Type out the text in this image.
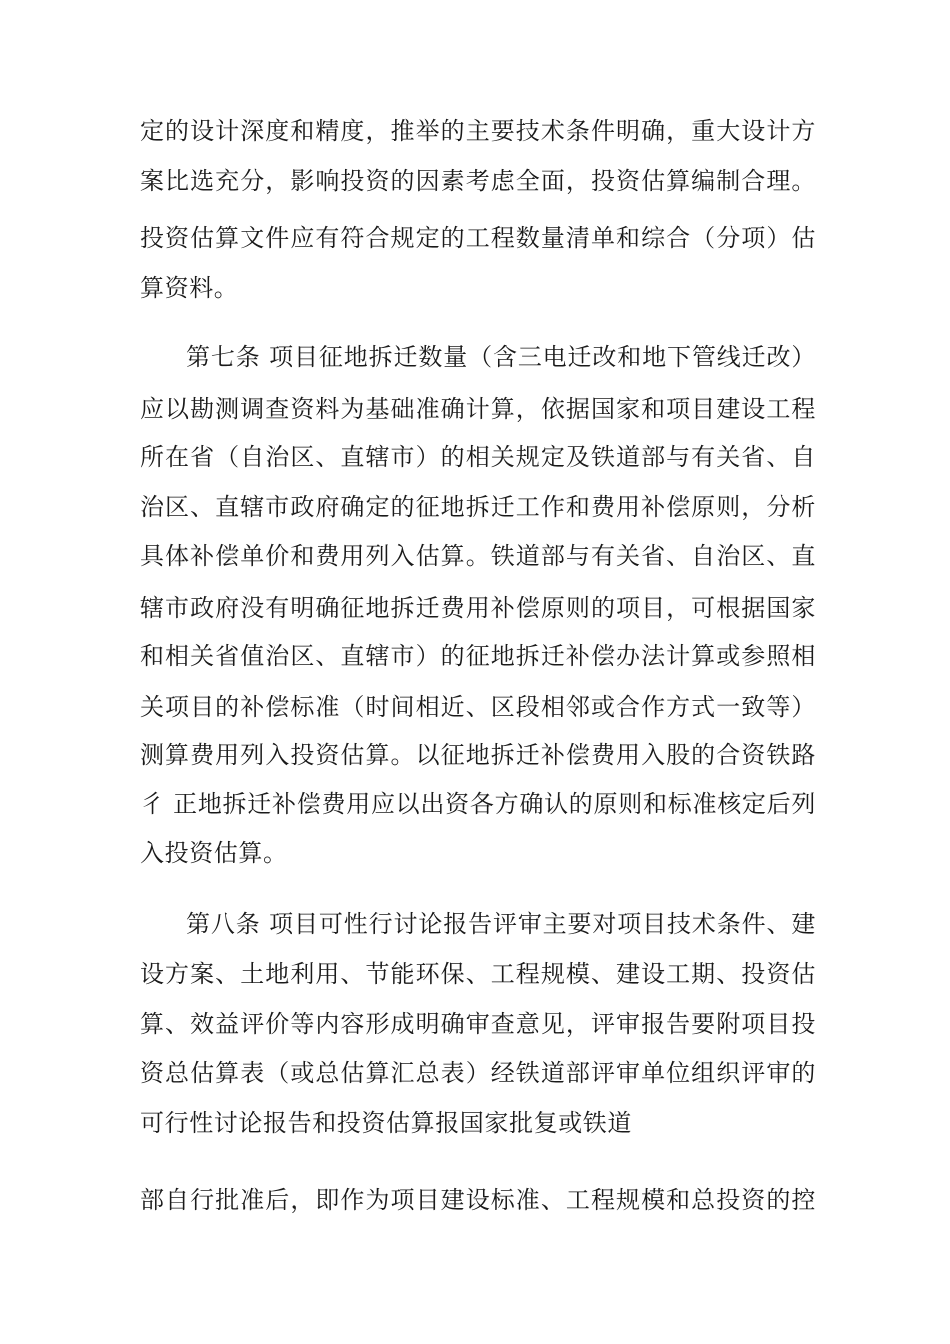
定的设计深度和精度，推举的主要技术条件明确，重大设计方
案比选充分，影响投资的因素考虑全面，投资估算编制合理。
投资估算文件应有符合规定的工程数量清单和综合（分项）估
算资料。
第七条 项目征地拆迁数量（含三电迁改和地下管线迁改）
应以勘测调查资料为基础准确计算，依据国家和项目建设工程
所在省（自治区、直辖市）的相关规定及铁道部与有关省、自
治区、直辖市政府确定的征地拆迁工作和费用补偿原则，分析
具体补偿单价和费用列入估算。铁道部与有关省、自治区、直
辖市政府没有明确征地拆迁费用补偿原则的项目，可根据国家
和相关省值治区、直辖市）的征地拆迁补偿办法计算或参照相
关项目的补偿标准（时间相近、区段相邻或合作方式一致等）
测算费用列入投资估算。以征地拆迁补偿费用入股的合资铁路
彳 正地拆迁补偿费用应以出资各方确认的原则和标准核定后列
入投资估算。
第八条 项目可性行讨论报告评审主要对项目技术条件、建
设方案、土地利用、节能环保、工程规模、建设工期、投资估
算、效益评价等内容形成明确审查意见，评审报告要附项目投
资总估算表（或总估算汇总表）经铁道部评审单位组织评审的
可行性讨论报告和投资估算报国家批复或铁道
部自行批准后，即作为项目建设标准、工程规模和总投资的控
